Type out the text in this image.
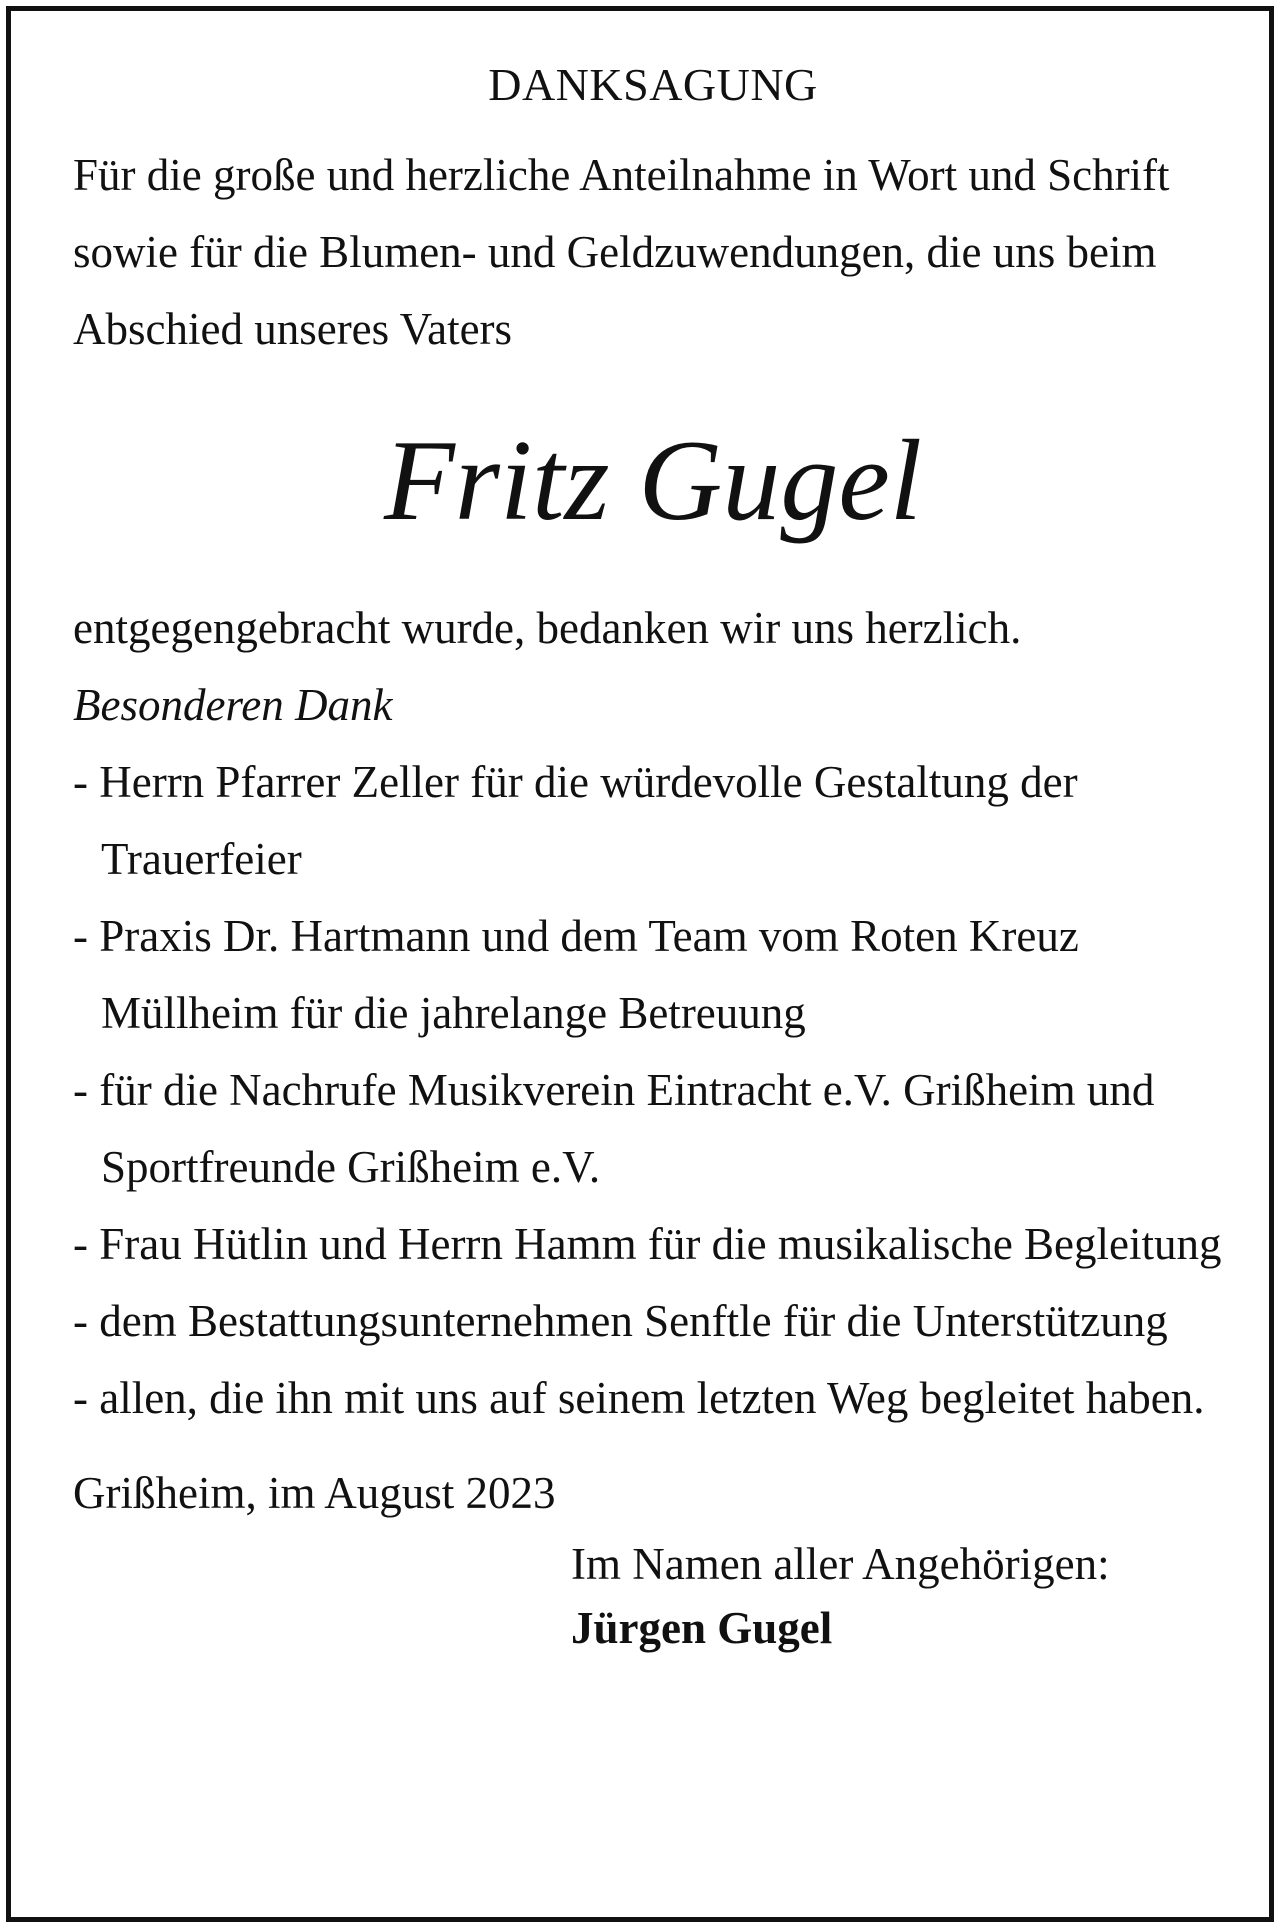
DANKSAGUNG

Für die große und herzliche Anteilnahme in Wort und Schrift sowie für die Blumen- und Geldzuwendungen, die uns beim Abschied unseres Vaters

Fritz Gugel

entgegengebracht wurde, bedanken wir uns herzlich.

Besonderen Dank
- Herrn Pfarrer Zeller für die würdevolle Gestaltung der Trauerfeier
- Praxis Dr. Hartmann und dem Team vom Roten Kreuz Müllheim für die jahrelange Betreuung
- für die Nachrufe Musikverein Eintracht e.V. Grißheim und Sportfreunde Grißheim e.V.
- Frau Hütlin und Herrn Hamm für die musikalische Begleitung
- dem Bestattungsunternehmen Senftle für die Unterstützung
- allen, die ihn mit uns auf seinem letzten Weg begleitet haben.

Grißheim, im August 2023

Im Namen aller Angehörigen:
Jürgen Gugel
